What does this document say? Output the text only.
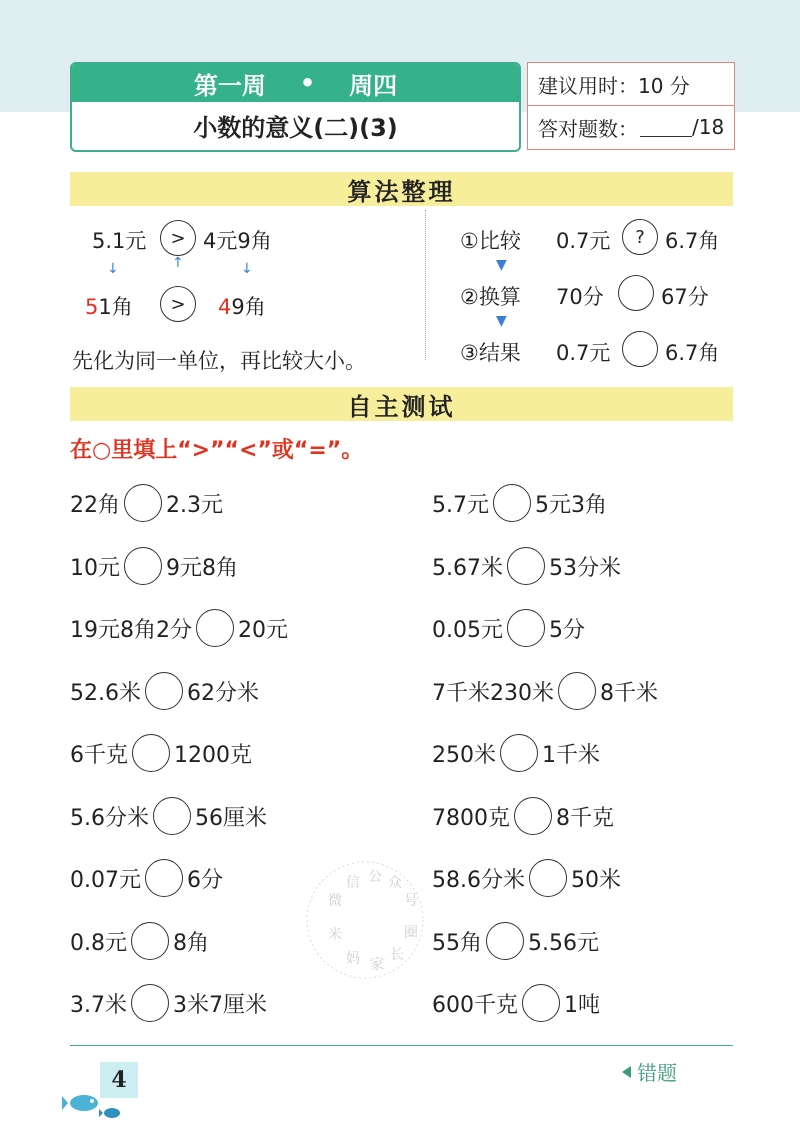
第一周 • 周四
小数的意义(二)(3)
建议用时：10 分
答对题数：	/18
算法整理
5.1元	> 4元9角
↓	↑	↓
51角	>	49角
先化为同一单位，再比较大小。
①比较 0.7元	? 6.7角
▼
②换算 70分	67分
▼
③结果 0.7元	6.7角
自主测试
在○里填上“>”“<”或“=”。
22角 2.3元
10元 9元8角
19元8角2分 20元
52.6米 62分米
6千克 1200克
5.6分米 56厘米
0.07元 6分
0.8元 8角
3.7米 3米7厘米
5.7元 5元3角
5.67米 53分米
0.05元 5分
7千米230米 8千米
250米 1千米
7800克 8千克
58.6分米 50米
55角 5.56元
600千克 1吨
微
信 公 众
号
圈
长
家
妈
米
4	错题
